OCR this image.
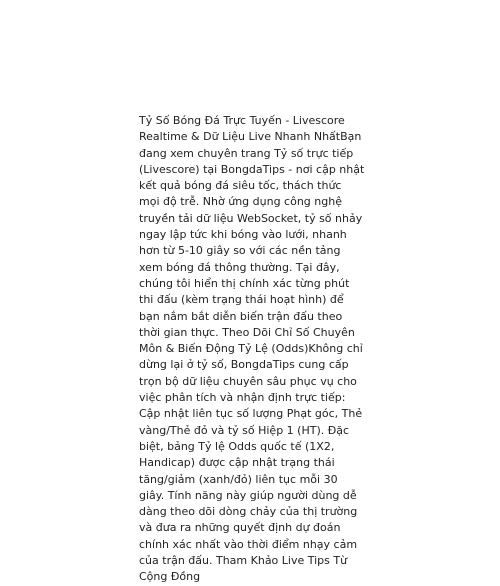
Tỷ Số Bóng Đá Trực Tuyến - Livescore Realtime & Dữ Liệu Live Nhanh NhấtBạn đang xem chuyên trang Tỷ số trực tiếp (Livescore) tại BongdaTips - nơi cập nhật kết quả bóng đá siêu tốc, thách thức mọi độ trễ. Nhờ ứng dụng công nghệ truyền tải dữ liệu WebSocket, tỷ số nhảy ngay lập tức khi bóng vào lưới, nhanh hơn từ 5-10 giây so với các nền tảng xem bóng đá thông thường. Tại đây, chúng tôi hiển thị chính xác từng phút thi đấu (kèm trạng thái hoạt hình) để bạn nắm bắt diễn biến trận đấu theo thời gian thực. Theo Dõi Chỉ Số Chuyên Môn & Biến Động Tỷ Lệ (Odds)Không chỉ dừng lại ở tỷ số, BongdaTips cung cấp trọn bộ dữ liệu chuyên sâu phục vụ cho việc phân tích và nhận định trực tiếp: Cập nhật liên tục số lượng Phạt góc, Thẻ vàng/Thẻ đỏ và tỷ số Hiệp 1 (HT). Đặc biệt, bảng Tỷ lệ Odds quốc tế (1X2, Handicap) được cập nhật trạng thái tăng/giảm (xanh/đỏ) liên tục mỗi 30 giây. Tính năng này giúp người dùng dễ dàng theo dõi dòng chảy của thị trường và đưa ra những quyết định dự đoán chính xác nhất vào thời điểm nhạy cảm của trận đấu. Tham Khảo Live Tips Từ Cộng Đồng
